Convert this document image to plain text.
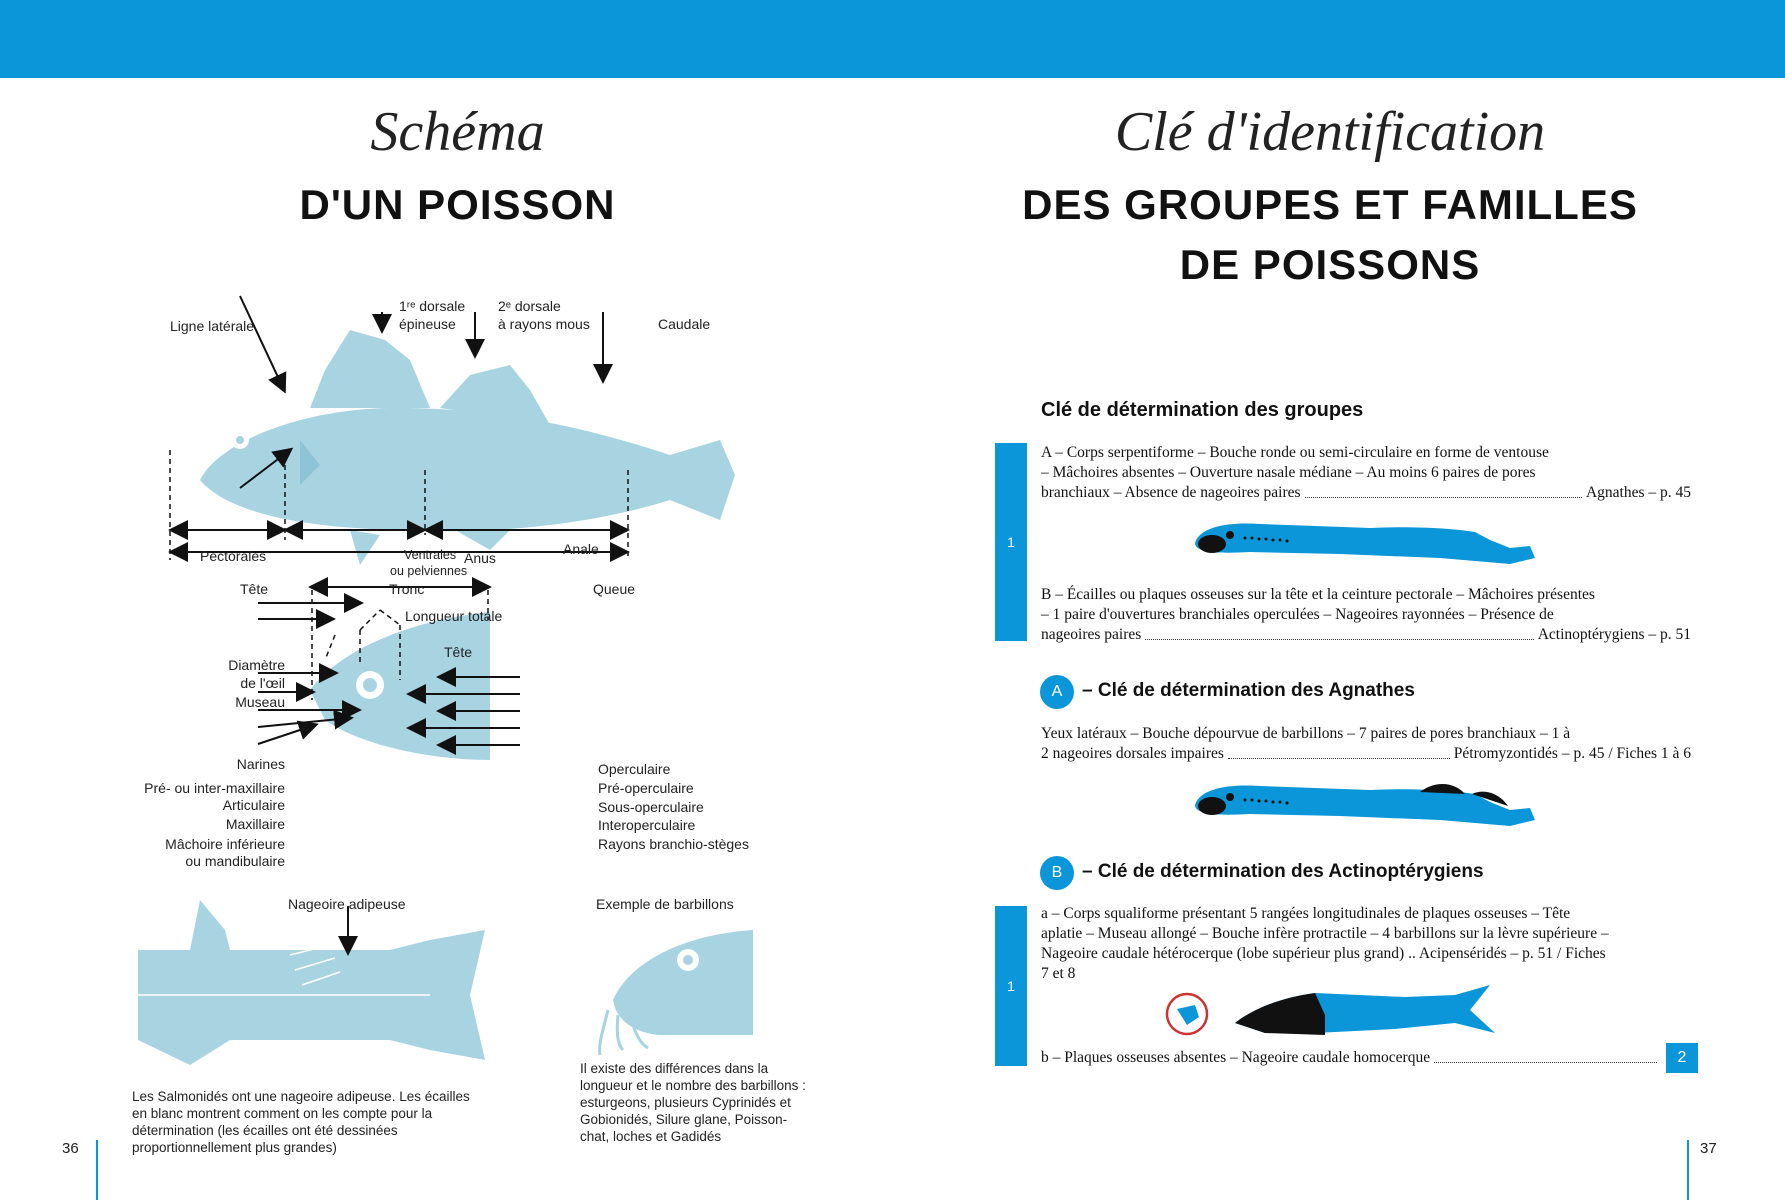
Schéma
D'UN POISSON
Ligne latérale
1ʳᵉ dorsale
épineuse
2ᵉ dorsale
à rayons mous	Caudale
Pectorales	Ventrales
ou pelviennes
Anus
Anale
Tête	Tronc	Queue
Longueur totale
Tête
Diamètre
de l'œil
Museau
Narines
Pré- ou inter-maxillaire
Articulaire
Maxillaire
Mâchoire inférieure
ou mandibulaire
Operculaire
Pré-operculaire
Sous-operculaire
Interoperculaire
Rayons branchio-stèges
Nageoire adipeuse	Exemple de barbillons
Les Salmonidés ont une nageoire adipeuse. Les écailles en blanc montrent comment on les compte pour la détermination (les écailles ont été dessinées proportionnellement plus grandes)
Il existe des différences dans la longueur et le nombre des barbillons : esturgeons, plusieurs Cyprinidés et Gobionidés, Silure glane, Poisson-chat, loches et Gadidés
36
Clé d'identification
DES GROUPES ET FAMILLES
DE POISSONS
Clé de détermination des groupes
1
A – Corps serpentiforme – Bouche ronde ou semi-circulaire en forme de ventouse
– Mâchoires absentes – Ouverture nasale médiane – Au moins 6 paires de pores
branchiaux – Absence de nageoires paires	Agnathes – p. 45
B – Écailles ou plaques osseuses sur la tête et la ceinture pectorale – Mâchoires présentes
– 1 paire d'ouvertures branchiales operculées – Nageoires rayonnées – Présence de
nageoires paires	Actinoptérygiens – p. 51
A	– Clé de détermination des Agnathes
Yeux latéraux – Bouche dépourvue de barbillons – 7 paires de pores branchiaux – 1 à
2 nageoires dorsales impaires	Pétromyzontidés – p. 45 / Fiches 1 à 6
B	– Clé de détermination des Actinoptérygiens
1
a – Corps squaliforme présentant 5 rangées longitudinales de plaques osseuses – Tête
aplatie – Museau allongé – Bouche infère protractile – 4 barbillons sur la lèvre supérieure –
Nageoire caudale hétérocerque (lobe supérieur plus grand) .. Acipenséridés – p. 51 / Fiches
7 et 8
b – Plaques osseuses absentes – Nageoire caudale homocerque	2
37
